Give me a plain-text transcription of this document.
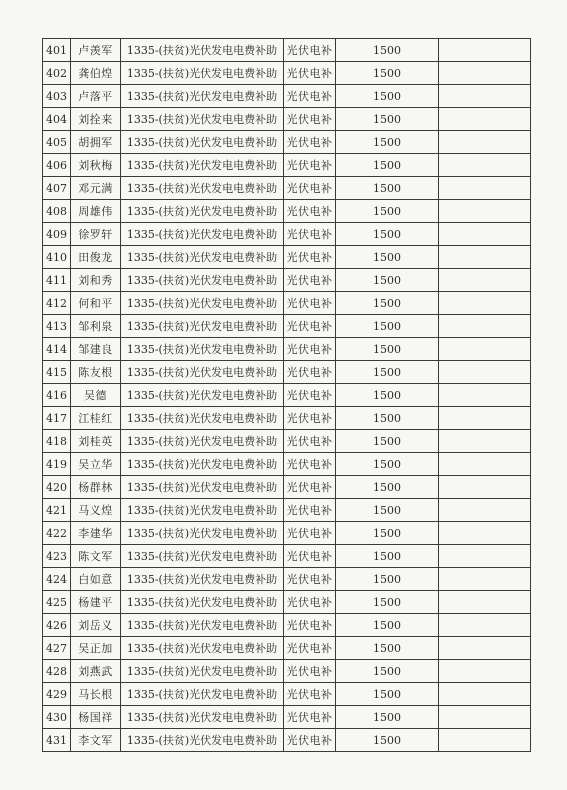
401	卢羡军	1335-(扶贫)光伏发电电费补助	光伏电补	1500	
402	龚伯煌	1335-(扶贫)光伏发电电费补助	光伏电补	1500	
403	卢落平	1335-(扶贫)光伏发电电费补助	光伏电补	1500	
404	刘拴来	1335-(扶贫)光伏发电电费补助	光伏电补	1500	
405	胡拥军	1335-(扶贫)光伏发电电费补助	光伏电补	1500	
406	刘秋梅	1335-(扶贫)光伏发电电费补助	光伏电补	1500	
407	邓元满	1335-(扶贫)光伏发电电费补助	光伏电补	1500	
408	周雄伟	1335-(扶贫)光伏发电电费补助	光伏电补	1500	
409	徐罗轩	1335-(扶贫)光伏发电电费补助	光伏电补	1500	
410	田俊龙	1335-(扶贫)光伏发电电费补助	光伏电补	1500	
411	刘和秀	1335-(扶贫)光伏发电电费补助	光伏电补	1500	
412	何和平	1335-(扶贫)光伏发电电费补助	光伏电补	1500	
413	邹利泉	1335-(扶贫)光伏发电电费补助	光伏电补	1500	
414	邹建良	1335-(扶贫)光伏发电电费补助	光伏电补	1500	
415	陈友根	1335-(扶贫)光伏发电电费补助	光伏电补	1500	
416	吴德	1335-(扶贫)光伏发电电费补助	光伏电补	1500	
417	江桂红	1335-(扶贫)光伏发电电费补助	光伏电补	1500	
418	刘桂英	1335-(扶贫)光伏发电电费补助	光伏电补	1500	
419	吴立华	1335-(扶贫)光伏发电电费补助	光伏电补	1500	
420	杨群林	1335-(扶贫)光伏发电电费补助	光伏电补	1500	
421	马义煌	1335-(扶贫)光伏发电电费补助	光伏电补	1500	
422	李建华	1335-(扶贫)光伏发电电费补助	光伏电补	1500	
423	陈文军	1335-(扶贫)光伏发电电费补助	光伏电补	1500	
424	白如意	1335-(扶贫)光伏发电电费补助	光伏电补	1500	
425	杨建平	1335-(扶贫)光伏发电电费补助	光伏电补	1500	
426	刘岳义	1335-(扶贫)光伏发电电费补助	光伏电补	1500	
427	吴正加	1335-(扶贫)光伏发电电费补助	光伏电补	1500	
428	刘燕武	1335-(扶贫)光伏发电电费补助	光伏电补	1500	
429	马长根	1335-(扶贫)光伏发电电费补助	光伏电补	1500	
430	杨国祥	1335-(扶贫)光伏发电电费补助	光伏电补	1500	
431	李文军	1335-(扶贫)光伏发电电费补助	光伏电补	1500	
